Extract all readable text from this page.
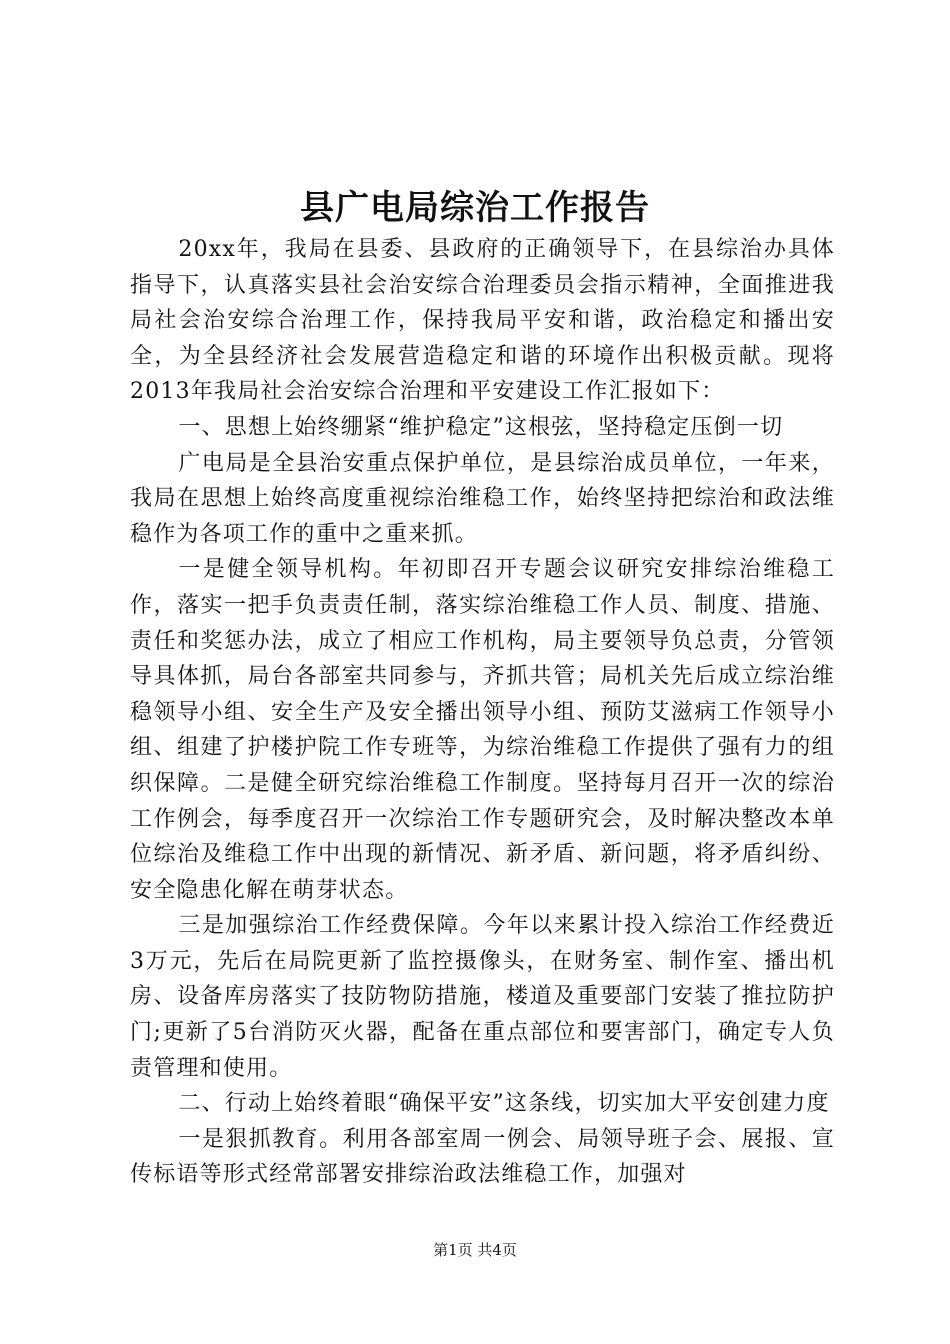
县广电局综治工作报告

20xx年，我局在县委、县政府的正确领导下，在县综治办具体指导下，认真落实县社会治安综合治理委员会指示精神，全面推进我局社会治安综合治理工作，保持我局平安和谐，政治稳定和播出安全，为全县经济社会发展营造稳定和谐的环境作出积极贡献。现将2013年我局社会治安综合治理和平安建设工作汇报如下：

一、思想上始终绷紧“维护稳定”这根弦，坚持稳定压倒一切

广电局是全县治安重点保护单位，是县综治成员单位，一年来，我局在思想上始终高度重视综治维稳工作，始终坚持把综治和政法维稳作为各项工作的重中之重来抓。

一是健全领导机构。年初即召开专题会议研究安排综治维稳工作，落实一把手负责责任制，落实综治维稳工作人员、制度、措施、责任和奖惩办法，成立了相应工作机构，局主要领导负总责，分管领导具体抓，局台各部室共同参与，齐抓共管；局机关先后成立综治维稳领导小组、安全生产及安全播出领导小组、预防艾滋病工作领导小组、组建了护楼护院工作专班等，为综治维稳工作提供了强有力的组织保障。二是健全研究综治维稳工作制度。坚持每月召开一次的综治工作例会，每季度召开一次综治工作专题研究会，及时解决整改本单位综治及维稳工作中出现的新情况、新矛盾、新问题，将矛盾纠纷、安全隐患化解在萌芽状态。

三是加强综治工作经费保障。今年以来累计投入综治工作经费近3万元，先后在局院更新了监控摄像头，在财务室、制作室、播出机房、设备库房落实了技防物防措施，楼道及重要部门安装了推拉防护门;更新了5台消防灭火器，配备在重点部位和要害部门，确定专人负责管理和使用。

二、行动上始终着眼“确保平安”这条线，切实加大平安创建力度

一是狠抓教育。利用各部室周一例会、局领导班子会、展报、宣传标语等形式经常部署安排综治政法维稳工作，加强对

第1页 共4页
